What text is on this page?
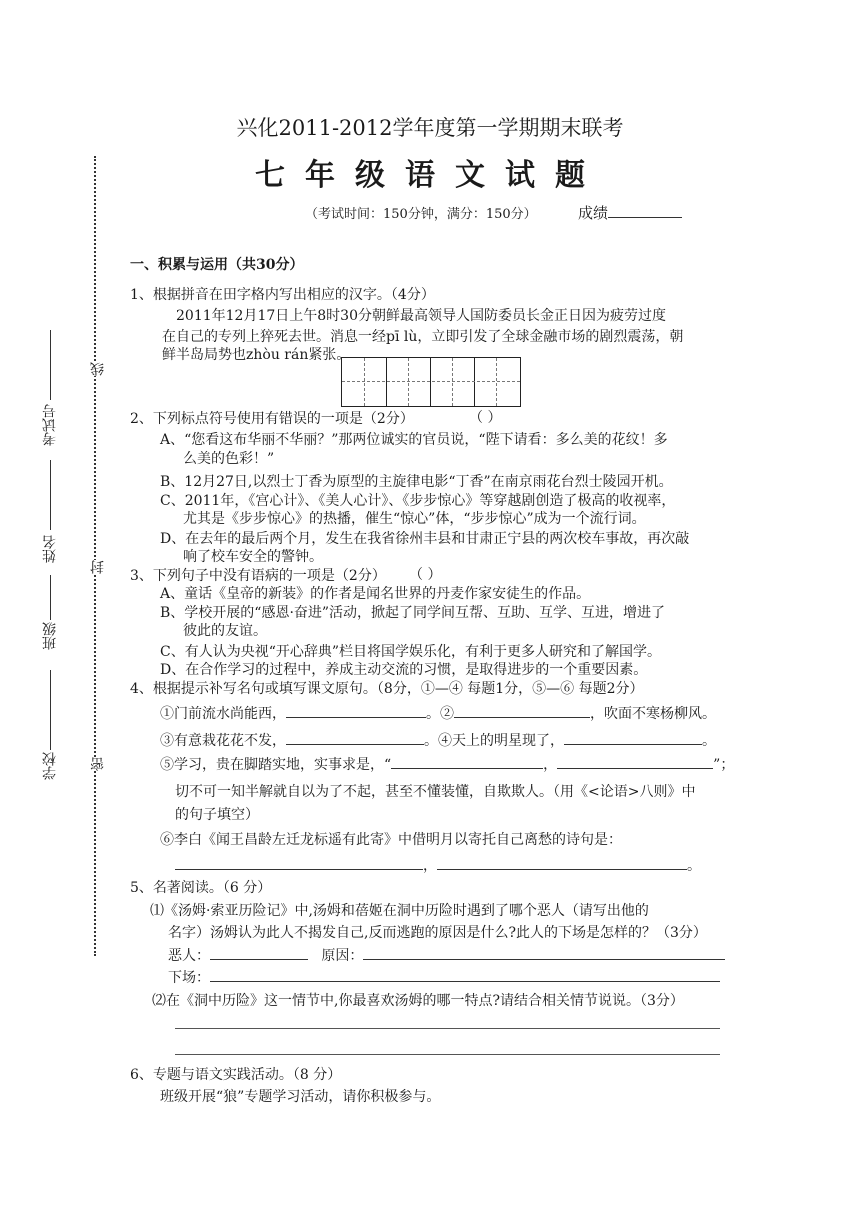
兴化2011-2012学年度第一学期期末联考
七年级语文试题
（考试时间：150分钟，满分：150分）	成绩
考试号
姓名
班级
学校
线
封
密
一、积累与运用（共30分）
1、根据拼音在田字格内写出相应的汉字。（4分）
2011年12月17日上午8时30分朝鲜最高领导人国防委员长金正日因为疲劳过度
在自己的专列上猝死去世。消息一经pī lù，立即引发了全球金融市场的剧烈震荡，朝
鲜半岛局势也zhòu rán紧张。
2、下列标点符号使用有错误的一项是（2分）	（ ）
A、“您看这布华丽不华丽？”那两位诚实的官员说，“陛下请看：多么美的花纹！多
么美的色彩！”
B、12月27日,以烈士丁香为原型的主旋律电影“丁香”在南京雨花台烈士陵园开机。
C、2011年，《宫心计》、《美人心计》、《步步惊心》等穿越剧创造了极高的收视率，
尤其是《步步惊心》的热播，催生“惊心”体，“步步惊心”成为一个流行词。
D、在去年的最后两个月，发生在我省徐州丰县和甘肃正宁县的两次校车事故，再次敲
响了校车安全的警钟。
3、下列句子中没有语病的一项是（2分） （ ）
A、童话《皇帝的新装》的作者是闻名世界的丹麦作家安徒生的作品。
B、学校开展的“感恩·奋进”活动，掀起了同学间互帮、互助、互学、互进，增进了
彼此的友谊。
C、有人认为央视“开心辞典”栏目将国学娱乐化，有利于更多人研究和了解国学。
D、在合作学习的过程中，养成主动交流的习惯，是取得进步的一个重要因素。
4、根据提示补写名句或填写课文原句。（8分，①—④ 每题1分，⑤—⑥ 每题2分）
①门前流水尚能西，	。②	，吹面不寒杨柳风。
③有意栽花花不发，	。④天上的明星现了，	。
⑤学习，贵在脚踏实地，实事求是，“	，	”；
切不可一知半解就自以为了不起，甚至不懂装懂，自欺欺人。（用《<论语>八则》中
的句子填空）
⑥李白《闻王昌龄左迁龙标遥有此寄》中借明月以寄托自己离愁的诗句是：
，	。
5、名著阅读。（6 分）
⑴《汤姆·索亚历险记》中,汤姆和蓓姬在洞中历险时遇到了哪个恶人（请写出他的
名字）汤姆认为此人不揭发自己,反而逃跑的原因是什么?此人的下场是怎样的？（3分）
恶人：	原因：
下场：
⑵在《洞中历险》这一情节中,你最喜欢汤姆的哪一特点?请结合相关情节说说。（3分）
6、专题与语文实践活动。（8 分）
班级开展“狼”专题学习活动，请你积极参与。
